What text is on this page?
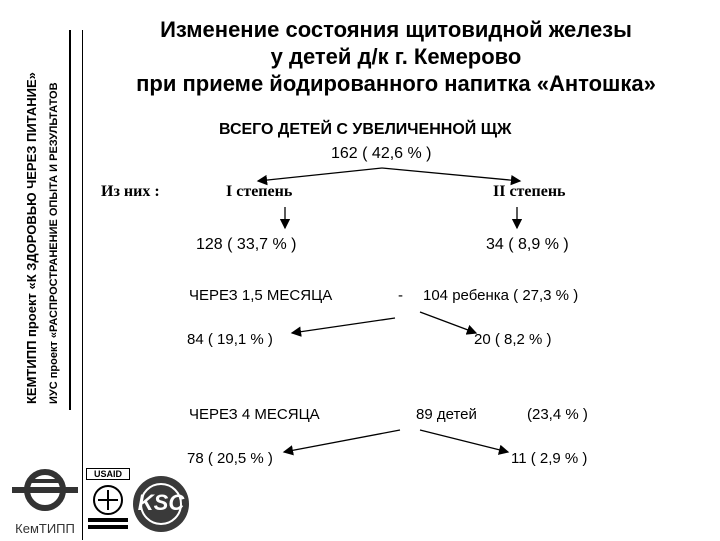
КЕМТИПП проект «К ЗДОРОВЬЮ ЧЕРЕЗ ПИТАНИЕ» ИУС проект «РАСПРОСТРАНЕНИЕ ОПЫТА И РЕЗУЛЬТАТОВ
КемТИПП
USAID
KSC
Изменение состояния щитовидной железы
у детей д/к г. Кемерово
при приеме йодированного напитка «Антошка»
ВСЕГО ДЕТЕЙ С УВЕЛИЧЕННОЙ ЩЖ
162 ( 42,6 % )
Из них :	I степень	II степень
128 ( 33,7 % )	34 ( 8,9 % )
ЧЕРЕЗ 1,5 МЕСЯЦА	- 104 ребенка ( 27,3 % )
84 ( 19,1 % )	20 ( 8,2 % )
ЧЕРЕЗ 4 МЕСЯЦА	89 детей	(23,4 % )
78 ( 20,5 % )	11 ( 2,9 % )
